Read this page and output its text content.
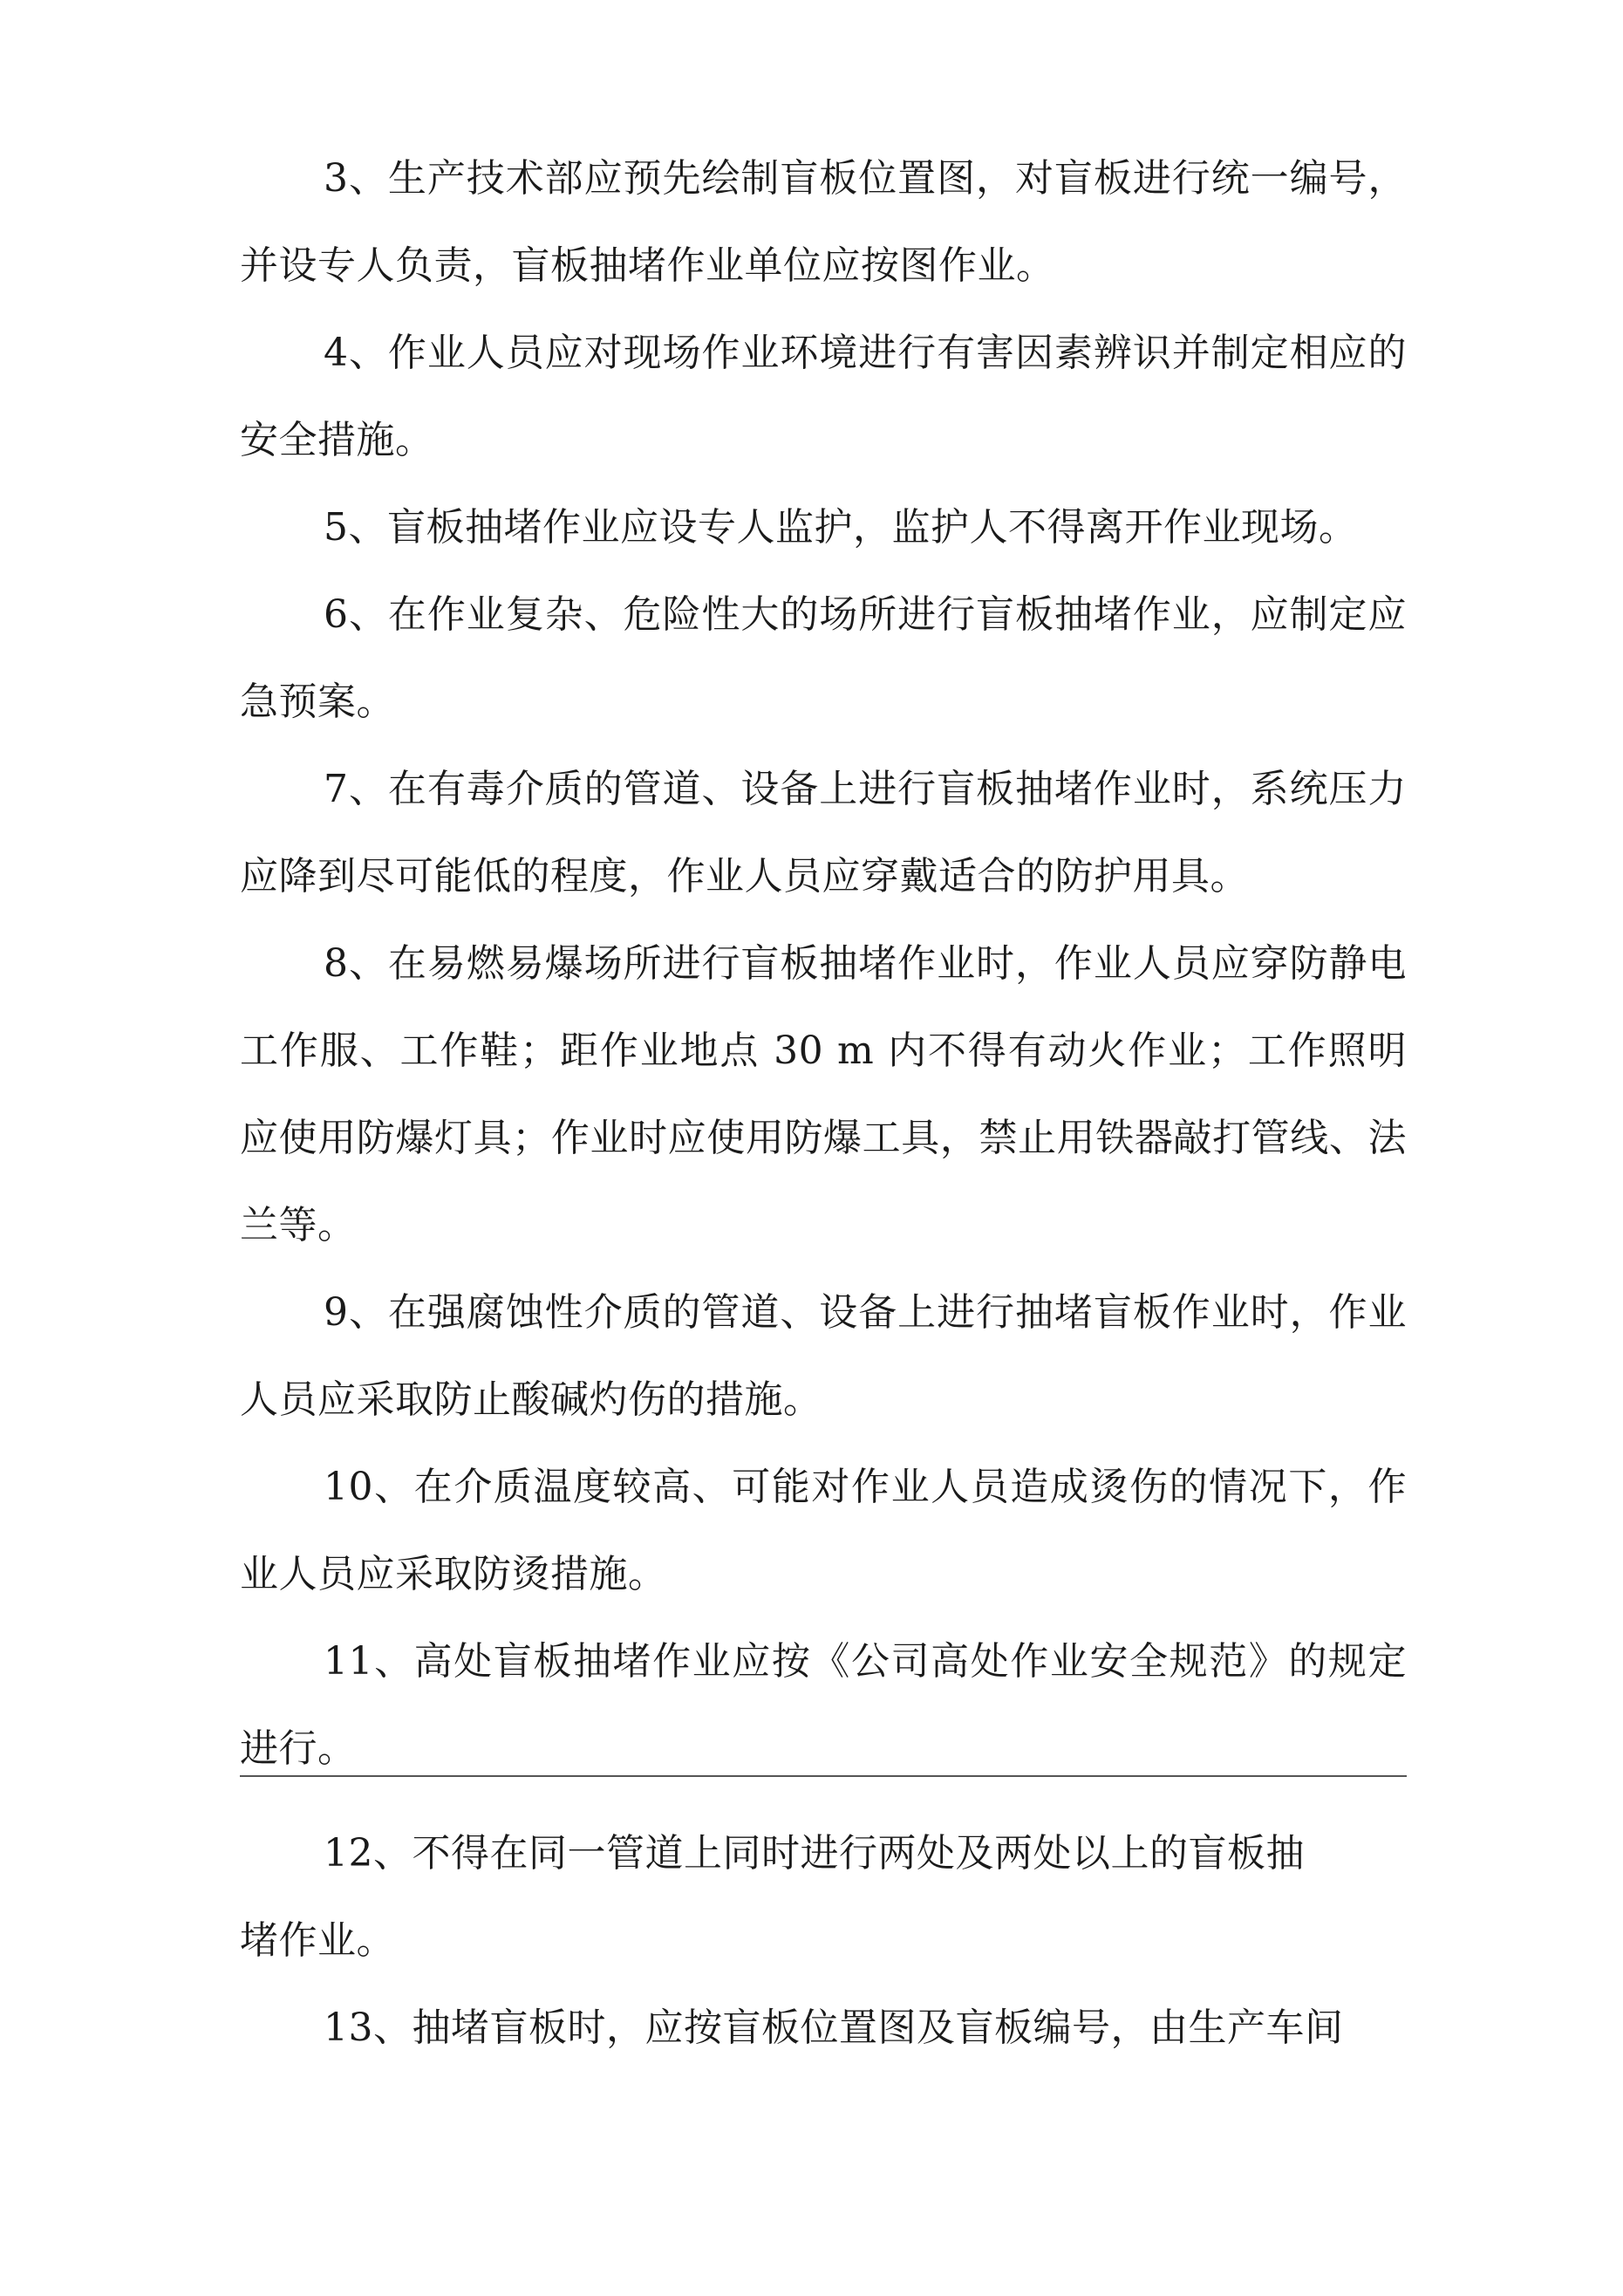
3、生产技术部应预先绘制盲板位置图，对盲板进行统一编号，并设专人负责，盲板抽堵作业单位应按图作业。

4、作业人员应对现场作业环境进行有害因素辨识并制定相应的安全措施。

5、盲板抽堵作业应设专人监护，监护人不得离开作业现场。

6、在作业复杂、危险性大的场所进行盲板抽堵作业，应制定应急预案。

7、在有毒介质的管道、设备上进行盲板抽堵作业时，系统压力应降到尽可能低的程度，作业人员应穿戴适合的防护用具。

8、在易燃易爆场所进行盲板抽堵作业时，作业人员应穿防静电工作服、工作鞋；距作业地点 30 m 内不得有动火作业；工作照明应使用防爆灯具；作业时应使用防爆工具，禁止用铁器敲打管线、法兰等。

9、在强腐蚀性介质的管道、设备上进行抽堵盲板作业时，作业人员应采取防止酸碱灼伤的措施。

10、在介质温度较高、可能对作业人员造成烫伤的情况下，作业人员应采取防烫措施。

11、高处盲板抽堵作业应按《公司高处作业安全规范》的规定进行。

12、不得在同一管道上同时进行两处及两处以上的盲板抽堵作业。

13、抽堵盲板时，应按盲板位置图及盲板编号，由生产车间
